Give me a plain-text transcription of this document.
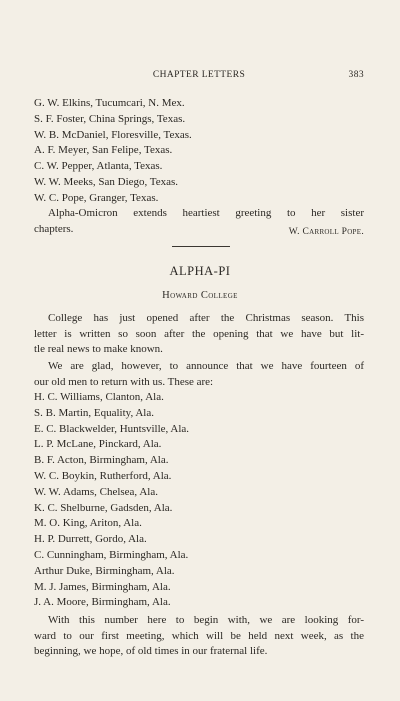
CHAPTER LETTERS	383
G. W. Elkins, Tucumcari, N. Mex.
S. F. Foster, China Springs, Texas.
W. B. McDaniel, Floresville, Texas.
A. F. Meyer, San Felipe, Texas.
C. W. Pepper, Atlanta, Texas.
W. W. Meeks, San Diego, Texas.
W. C. Pope, Granger, Texas.
Alpha-Omicron extends heartiest greeting to her sister
chapters.	W. Carroll Pope.
ALPHA-PI
Howard College
College has just opened after the Christmas season. This
letter is written so soon after the opening that we have but lit-
tle real news to make known.
We are glad, however, to announce that we have fourteen of
our old men to return with us. These are:
H. C. Williams, Clanton, Ala.
S. B. Martin, Equality, Ala.
E. C. Blackwelder, Huntsville, Ala.
L. P. McLane, Pinckard, Ala.
B. F. Acton, Birmingham, Ala.
W. C. Boykin, Rutherford, Ala.
W. W. Adams, Chelsea, Ala.
K. C. Shelburne, Gadsden, Ala.
M. O. King, Ariton, Ala.
H. P. Durrett, Gordo, Ala.
C. Cunningham, Birmingham, Ala.
Arthur Duke, Birmingham, Ala.
M. J. James, Birmingham, Ala.
J. A. Moore, Birmingham, Ala.
With this number here to begin with, we are looking for-
ward to our first meeting, which will be held next week, as the
beginning, we hope, of old times in our fraternal life.
